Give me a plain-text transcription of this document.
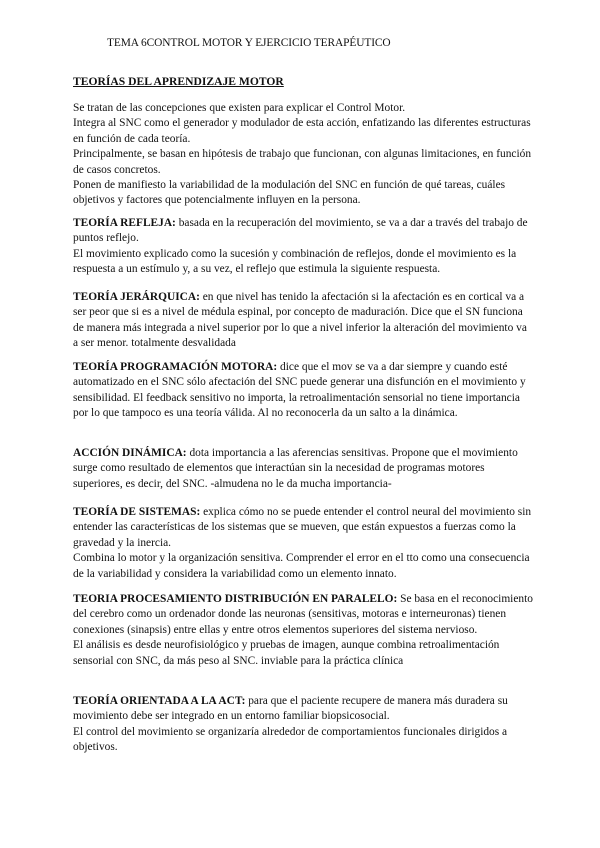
TEMA 6CONTROL MOTOR Y EJERCICIO TERAPÉUTICO
TEORÍAS DEL APRENDIZAJE MOTOR

Se tratan de las concepciones que existen para explicar el Control Motor.

Integra al SNC como el generador y modulador de esta acción, enfatizando las diferentes estructuras en función de cada teoría.

Principalmente, se basan en hipótesis de trabajo que funcionan, con algunas limitaciones, en función de casos concretos.

Ponen de manifiesto la variabilidad de la modulación del SNC en función de qué tareas, cuáles objetivos y factores que potencialmente influyen en la persona.

TEORÍA REFLEJA: basada en la recuperación del movimiento, se va a dar a través del trabajo de puntos reflejo.

El movimiento explicado como la sucesión y combinación de reflejos, donde el movimiento es la respuesta a un estímulo y, a su vez, el reflejo que estimula la siguiente respuesta.

TEORÍA JERÁRQUICA: en que nivel has tenido la afectación si la afectación es en cortical va a ser peor que si es a nivel de médula espinal, por concepto de maduración. Dice que el SN funciona de manera más integrada a nivel superior por lo que a nivel inferior la alteración del movimiento va a ser menor. totalmente desvalidada

TEORÍA PROGRAMACIÓN MOTORA: dice que el mov se va a dar siempre y cuando esté automatizado en el SNC sólo afectación del SNC puede generar una disfunción en el movimiento y sensibilidad. El feedback sensitivo no importa, la retroalimentación sensorial no tiene importancia por lo que tampoco es una teoría válida. Al no reconocerla da un salto a la dinámica.

ACCIÓN DINÁMICA: dota importancia a las aferencias sensitivas. Propone que el movimiento surge como resultado de elementos que interactúan sin la necesidad de programas motores superiores, es decir, del SNC. -almudena no le da mucha importancia-

TEORÍA DE SISTEMAS: explica cómo no se puede entender el control neural del movimiento sin entender las características de los sistemas que se mueven, que están expuestos a fuerzas como la gravedad y la inercia.

Combina lo motor y la organización sensitiva. Comprender el error en el tto como una consecuencia de la variabilidad y considera la variabilidad como un elemento innato.

TEORIA PROCESAMIENTO DISTRIBUCIÓN EN PARALELO: Se basa en el reconocimiento del cerebro como un ordenador donde las neuronas (sensitivas, motoras e interneuronas) tienen conexiones (sinapsis) entre ellas y entre otros elementos superiores del sistema nervioso.

El análisis es desde neurofisiológico y pruebas de imagen, aunque combina retroalimentación sensorial con SNC, da más peso al SNC. inviable para la práctica clínica

TEORÍA ORIENTADA A LA ACT: para que el paciente recupere de manera más duradera su movimiento debe ser integrado en un entorno familiar biopsicosocial.

El control del movimiento se organizaría alrededor de comportamientos funcionales dirigidos a objetivos.
